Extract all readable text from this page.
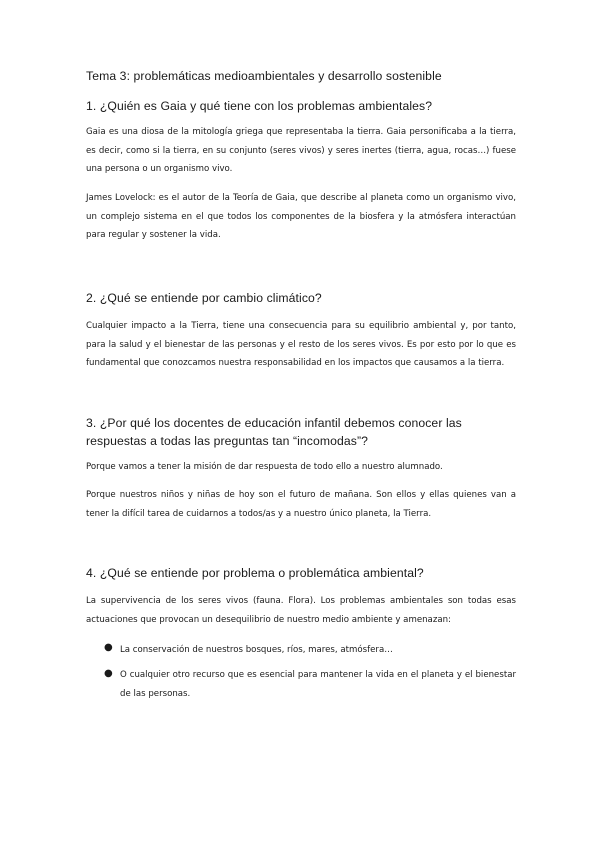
Tema 3: problemáticas medioambientales y desarrollo sostenible
1. ¿Quién es Gaia y qué tiene con los problemas ambientales?
Gaia es una diosa de la mitología griega que representaba la tierra. Gaia personificaba a la tierra, es decir, como si la tierra, en su conjunto (seres vivos) y seres inertes (tierra, agua, rocas…) fuese una persona o un organismo vivo.
James Lovelock: es el autor de la Teoría de Gaia, que describe al planeta como un organismo vivo, un complejo sistema en el que todos los componentes de la biosfera y la atmósfera interactúan para regular y sostener la vida.
2. ¿Qué se entiende por cambio climático?
Cualquier impacto a la Tierra, tiene una consecuencia para su equilibrio ambiental y, por tanto, para la salud y el bienestar de las personas y el resto de los seres vivos. Es por esto por lo que es fundamental que conozcamos nuestra responsabilidad en los impactos que causamos a la tierra.
3. ¿Por qué los docentes de educación infantil debemos conocer las respuestas a todas las preguntas tan “incomodas”?
Porque vamos a tener la misión de dar respuesta de todo ello a nuestro alumnado.
Porque nuestros niños y niñas de hoy son el futuro de mañana. Son ellos y ellas quienes van a tener la difícil tarea de cuidarnos a todos/as y a nuestro único planeta, la Tierra.
4. ¿Qué se entiende por problema o problemática ambiental?
La supervivencia de los seres vivos (fauna. Flora). Los problemas ambientales son todas esas actuaciones que provocan un desequilibrio de nuestro medio ambiente y amenazan:
● La conservación de nuestros bosques, ríos, mares, atmósfera…
● O cualquier otro recurso que es esencial para mantener la vida en el planeta y el bienestar de las personas.
